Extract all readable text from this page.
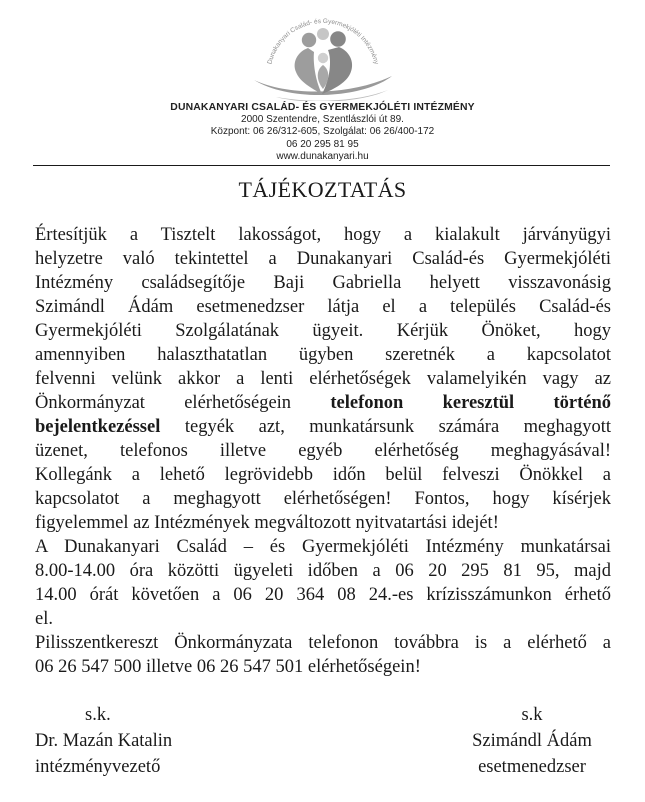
Dunakanyari Család- és Gyermekjóléti Intézmény
DUNAKANYARI CSALÁD- ÉS GYERMEKJÓLÉTI INTÉZMÉNY
2000 Szentendre, Szentlászlói út 89.
Központ: 06 26/312-605, Szolgálat: 06 26/400-172
06 20 295 81 95
www.dunakanyari.hu
TÁJÉKOZTATÁS
Értesítjük a Tisztelt lakosságot, hogy a kialakult járványügyi
helyzetre való tekintettel a Dunakanyari Család-és Gyermekjóléti
Intézmény családsegítője Baji Gabriella helyett visszavonásig
Szimándl Ádám esetmenedzser látja el a település Család-és
Gyermekjóléti Szolgálatának ügyeit. Kérjük Önöket, hogy
amennyiben halaszthatatlan ügyben szeretnék a kapcsolatot
felvenni velünk akkor a lenti elérhetőségek valamelyikén vagy az
Önkormányzat elérhetőségein telefonon keresztül történő
bejelentkezéssel tegyék azt, munkatársunk számára meghagyott
üzenet, telefonos illetve egyéb elérhetőség meghagyásával!
Kollegánk a lehető legrövidebb időn belül felveszi Önökkel a
kapcsolatot a meghagyott elérhetőségen! Fontos, hogy kísérjek
figyelemmel az Intézmények megváltozott nyitvatartási idejét!
A Dunakanyari Család – és Gyermekjóléti Intézmény munkatársai
8.00-14.00 óra közötti ügyeleti időben a 06 20 295 81 95, majd
14.00 órát követően a 06 20 364 08 24.-es krízisszámunkon érhető
el.
Pilisszentkereszt Önkormányzata telefonon továbbra is a elérhető a
06 26 547 500 illetve 06 26 547 501 elérhetőségein!
s.k.
Dr. Mazán Katalin
intézményvezető
s.k
Szimándl Ádám
esetmenedzser
